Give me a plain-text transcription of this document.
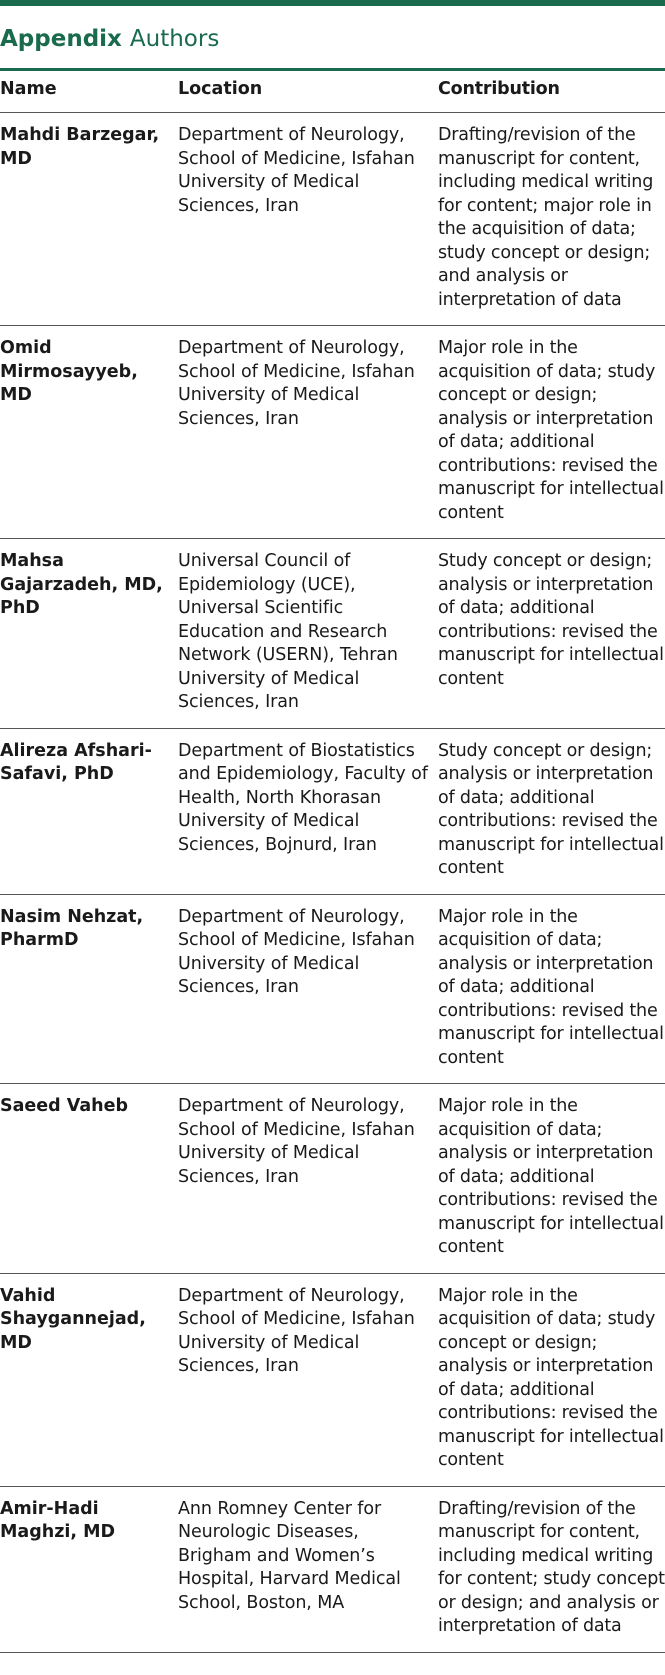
Appendix Authors
Name	Location	Contribution
Mahdi Barzegar, MD	Department of Neurology, School of Medicine, Isfahan University of Medical Sciences, Iran	Drafting/revision of the manuscript for content, including medical writing for content; major role in the acquisition of data; study concept or design; and analysis or interpretation of data
Omid Mirmosayyeb, MD	Department of Neurology, School of Medicine, Isfahan University of Medical Sciences, Iran	Major role in the acquisition of data; study concept or design; analysis or interpretation of data; additional contributions: revised the manuscript for intellectual content
Mahsa Gajarzadeh, MD, PhD	Universal Council of Epidemiology (UCE), Universal Scientific Education and Research Network (USERN), Tehran University of Medical Sciences, Iran	Study concept or design; analysis or interpretation of data; additional contributions: revised the manuscript for intellectual content
Alireza Afshari-Safavi, PhD	Department of Biostatistics and Epidemiology, Faculty of Health, North Khorasan University of Medical Sciences, Bojnurd, Iran	Study concept or design; analysis or interpretation of data; additional contributions: revised the manuscript for intellectual content
Nasim Nehzat, PharmD	Department of Neurology, School of Medicine, Isfahan University of Medical Sciences, Iran	Major role in the acquisition of data; analysis or interpretation of data; additional contributions: revised the manuscript for intellectual content
Saeed Vaheb	Department of Neurology, School of Medicine, Isfahan University of Medical Sciences, Iran	Major role in the acquisition of data; analysis or interpretation of data; additional contributions: revised the manuscript for intellectual content
Vahid Shaygannejad, MD	Department of Neurology, School of Medicine, Isfahan University of Medical Sciences, Iran	Major role in the acquisition of data; study concept or design; analysis or interpretation of data; additional contributions: revised the manuscript for intellectual content
Amir-Hadi Maghzi, MD	Ann Romney Center for Neurologic Diseases, Brigham and Women’s Hospital, Harvard Medical School, Boston, MA	Drafting/revision of the manuscript for content, including medical writing for content; study concept or design; and analysis or interpretation of data
